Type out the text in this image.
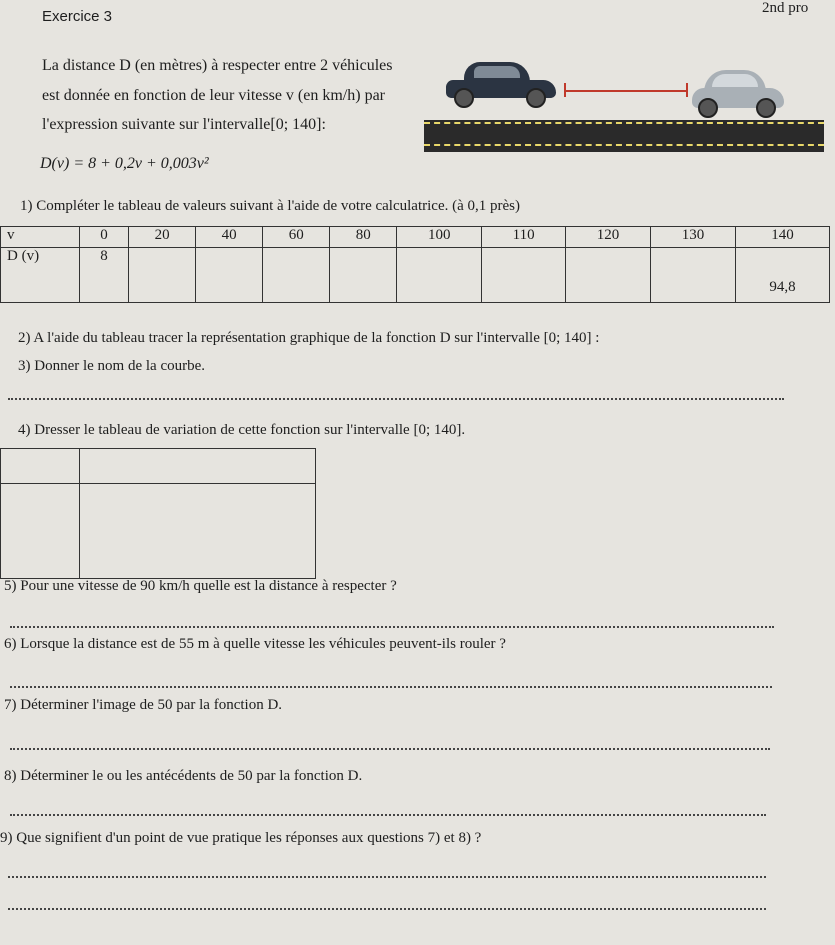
Exercice 3	2nd pro
La distance D (en mètres) à respecter entre 2 véhicules
est donnée en fonction de leur vitesse v (en km/h) par
l'expression suivante sur l'intervalle[0; 140]:
D(v) = 8 + 0,2v + 0,003v²
1) Compléter le tableau de valeurs suivant à l'aide de votre calculatrice. (à 0,1 près)
v	0	20	40	60	80	100	110	120	130	140
D (v)	8									94,8
2) A l'aide du tableau tracer la représentation graphique de la fonction D sur l'intervalle [0; 140] :
3) Donner le nom de la courbe.
4) Dresser le tableau de variation de cette fonction sur l'intervalle [0; 140].

5) Pour une vitesse de 90 km/h quelle est la distance à respecter ?
6) Lorsque la distance est de 55 m à quelle vitesse les véhicules peuvent-ils rouler ?
7) Déterminer l'image de 50 par la fonction D.
8) Déterminer le ou les antécédents de 50 par la fonction D.
9) Que signifient d'un point de vue pratique les réponses aux questions 7) et 8) ?
